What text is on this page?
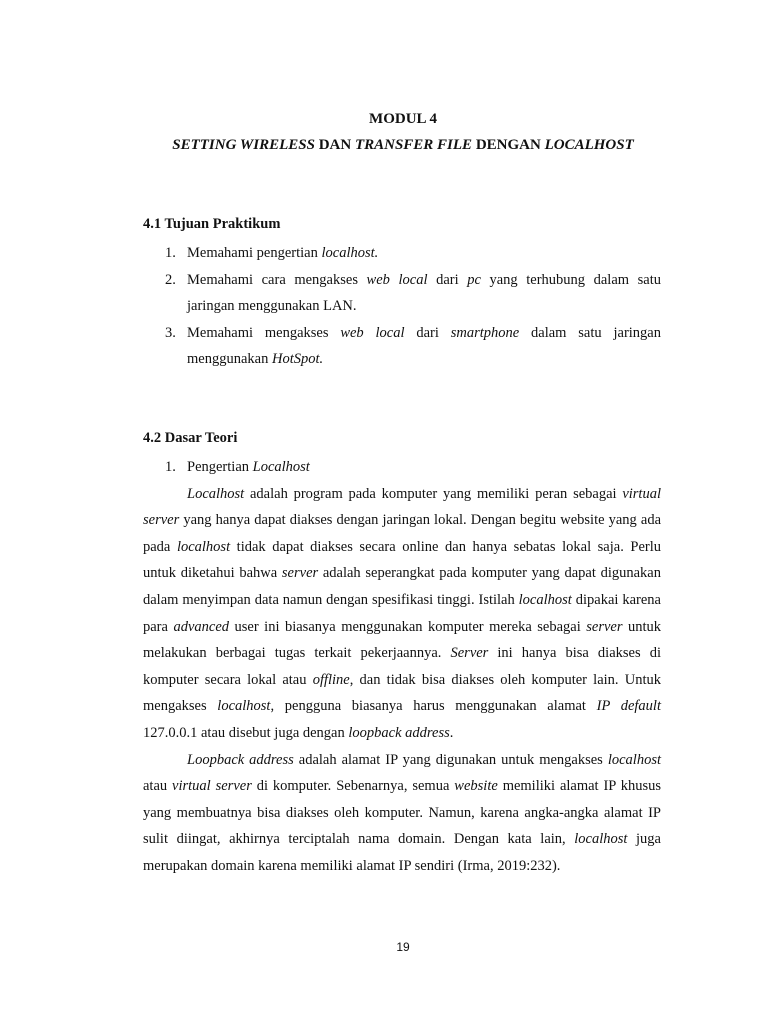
MODUL 4
SETTING WIRELESS DAN TRANSFER FILE DENGAN LOCALHOST
4.1 Tujuan Praktikum
1. Memahami pengertian localhost.
2. Memahami cara mengakses web local dari pc yang terhubung dalam satu jaringan menggunakan LAN.
3. Memahami mengakses web local dari smartphone dalam satu jaringan menggunakan HotSpot.
4.2 Dasar Teori
1. Pengertian Localhost

Localhost adalah program pada komputer yang memiliki peran sebagai virtual server yang hanya dapat diakses dengan jaringan lokal. Dengan begitu website yang ada pada localhost tidak dapat diakses secara online dan hanya sebatas lokal saja. Perlu untuk diketahui bahwa server adalah seperangkat pada komputer yang dapat digunakan dalam menyimpan data namun dengan spesifikasi tinggi. Istilah localhost dipakai karena para advanced user ini biasanya menggunakan komputer mereka sebagai server untuk melakukan berbagai tugas terkait pekerjaannya. Server ini hanya bisa diakses di komputer secara lokal atau offline, dan tidak bisa diakses oleh komputer lain. Untuk mengakses localhost, pengguna biasanya harus menggunakan alamat IP default 127.0.0.1 atau disebut juga dengan loopback address.

Loopback address adalah alamat IP yang digunakan untuk mengakses localhost atau virtual server di komputer. Sebenarnya, semua website memiliki alamat IP khusus yang membuatnya bisa diakses oleh komputer. Namun, karena angka-angka alamat IP sulit diingat, akhirnya terciptalah nama domain. Dengan kata lain, localhost juga merupakan domain karena memiliki alamat IP sendiri (Irma, 2019:232).

19
